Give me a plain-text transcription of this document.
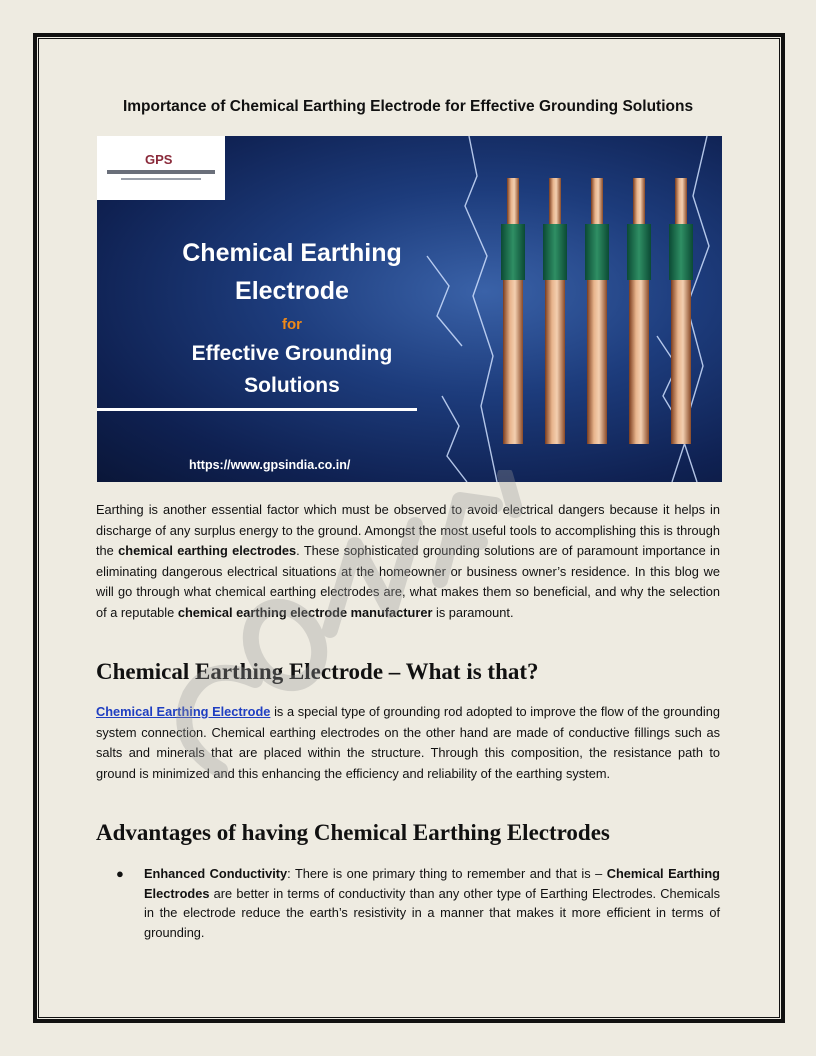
Importance of Chemical Earthing Electrode for Effective Grounding Solutions
GPS
Chemical Earthing
Electrode
for
Effective Grounding
Solutions
https://www.gpsindia.co.in/

Earthing is another essential factor which must be observed to avoid electrical dangers because it helps in discharge of any surplus energy to the ground. Amongst the most useful tools to accomplishing this is through the chemical earthing electrodes. These sophisticated grounding solutions are of paramount importance in eliminating dangerous electrical situations at the homeowner or business owner’s residence. In this blog we will go through what chemical earthing electrodes are, what makes them so beneficial, and why the selection of a reputable chemical earthing electrode manufacturer is paramount.

Chemical Earthing Electrode – What is that?

Chemical Earthing Electrode is a special type of grounding rod adopted to improve the flow of the grounding system connection. Chemical earthing electrodes on the other hand are made of conductive fillings such as salts and minerals that are placed within the structure. Through this composition, the resistance path to ground is minimized and this enhancing the efficiency and reliability of the earthing system.

Advantages of having Chemical Earthing Electrodes
● Enhanced Conductivity: There is one primary thing to remember and that is – Chemical Earthing Electrodes are better in terms of conductivity than any other type of Earthing Electrodes. Chemicals in the electrode reduce the earth’s resistivity in a manner that makes it more efficient in terms of grounding.
